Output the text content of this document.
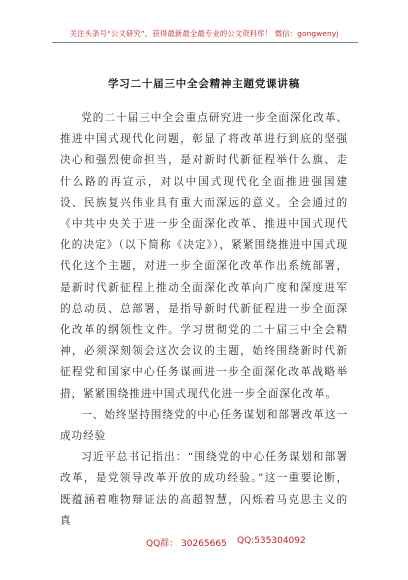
关注头条号“公文研究”，获得最新最全最专业的公文资料库！ 微信：gongwenyj
学习二十届三中全会精神主题党课讲稿

党的二十届三中全会重点研究进一步全面深化改革、推进中国式现代化问题，彰显了将改革进行到底的坚强决心和强烈使命担当，是对新时代新征程举什么旗、走什么路的再宣示，对以中国式现代化全面推进强国建设、民族复兴伟业具有重大而深远的意义。全会通过的《中共中央关于进一步全面深化改革、推进中国式现代化的决定》（以下简称《决定》），紧紧围绕推进中国式现代化这个主题，对进一步全面深化改革作出系统部署，是新时代新征程上推动全面深化改革向广度和深度进军的总动员、总部署，是指导新时代新征程进一步全面深化改革的纲领性文件。学习贯彻党的二十届三中全会精神，必须深刻领会这次会议的主题，始终围绕新时代新征程党和国家中心任务谋画进一步全面深化改革战略举措，紧紧围绕推进中国式现代化进一步全面深化改革。

一、始终坚持围绕党的中心任务谋划和部署改革这一成功经验

习近平总书记指出：“围绕党的中心任务谋划和部署改革，是党领导改革开放的成功经验。”这一重要论断，既蕴涵着唯物辩证法的高超智慧，闪烁着马克思主义的真

QQ群： 30265665 QQ:535304092
